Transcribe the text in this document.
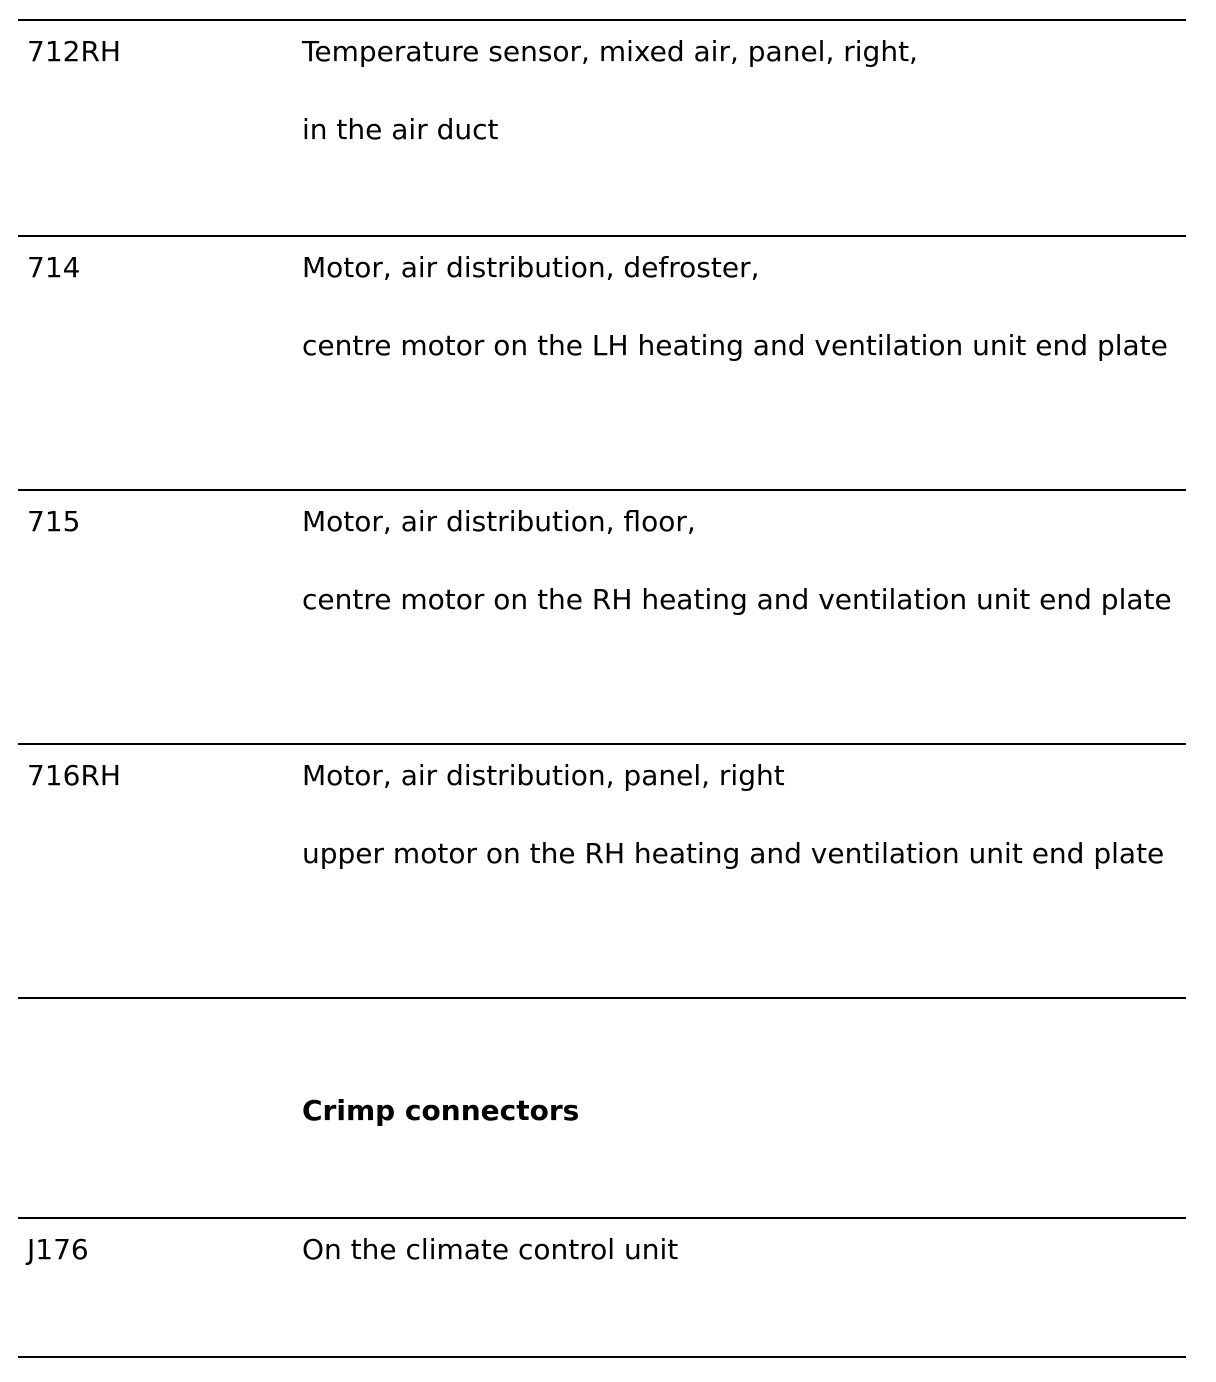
712RH	Temperature sensor, mixed air, panel, right,

in the air duct

714	Motor, air distribution, defroster,

centre motor on the LH heating and ventilation unit end plate

715	Motor, air distribution, floor,

centre motor on the RH heating and ventilation unit end plate

716RH	Motor, air distribution, panel, right

upper motor on the RH heating and ventilation unit end plate

Crimp connectors

J176	On the climate control unit
